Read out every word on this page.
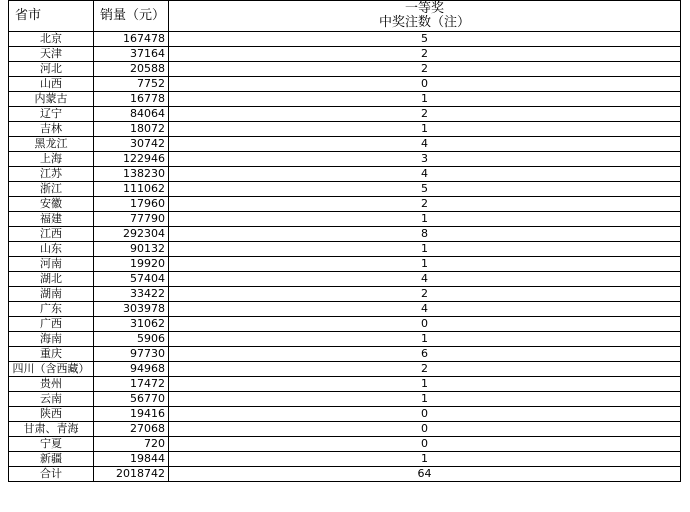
省市	销量（元）	一等奖
中奖注数（注）

北京	167478	5
天津	37164	2
河北	20588	2
山西	7752	0
内蒙古	16778	1
辽宁	84064	2
吉林	18072	1
黑龙江	30742	4
上海	122946	3
江苏	138230	4
浙江	111062	5
安徽	17960	2
福建	77790	1
江西	292304	8
山东	90132	1
河南	19920	1
湖北	57404	4
湖南	33422	2
广东	303978	4
广西	31062	0
海南	5906	1
重庆	97730	6
四川（含西藏）	94968	2
贵州	17472	1
云南	56770	1
陕西	19416	0
甘肃、青海	27068	0
宁夏	720	0
新疆	19844	1
合计	2018742	64
